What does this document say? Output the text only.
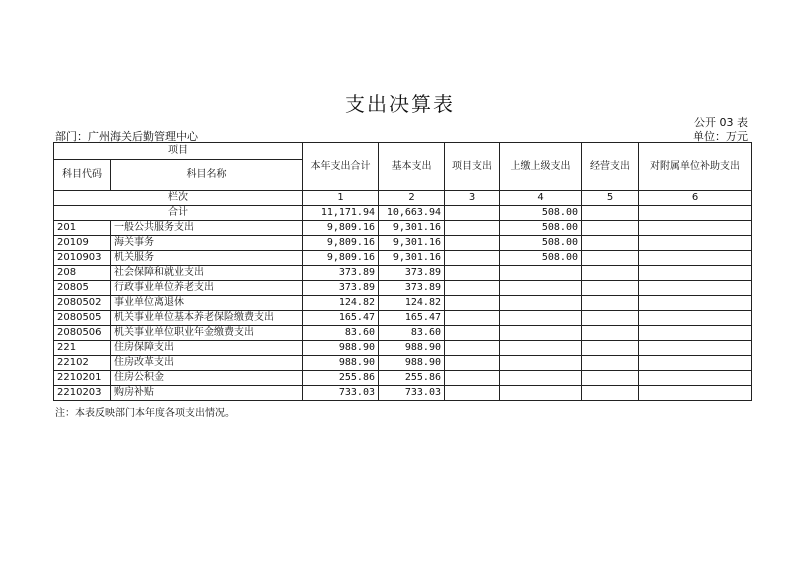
支出决算表
公开 03 表
部门：广州海关后勤管理中心	单位：万元
项目		本年支出合计	基本支出	项目支出	上缴上级支出	经营支出	对附属单位补助支出
科目代码	科目名称						
栏次		1	2	3	4	5	6
合计		11,171.94	10,663.94		508.00		
201	一般公共服务支出	9,809.16	9,301.16		508.00		
20109	海关事务	9,809.16	9,301.16		508.00		
2010903	机关服务	9,809.16	9,301.16		508.00		
208	社会保障和就业支出	373.89	373.89				
20805	行政事业单位养老支出	373.89	373.89				
2080502	事业单位离退休	124.82	124.82				
2080505	机关事业单位基本养老保险缴费支出	165.47	165.47				
2080506	机关事业单位职业年金缴费支出	83.60	83.60				
221	住房保障支出	988.90	988.90				
22102	住房改革支出	988.90	988.90				
2210201	住房公积金	255.86	255.86				
2210203	购房补贴	733.03	733.03				
注：本表反映部门本年度各项支出情况。
